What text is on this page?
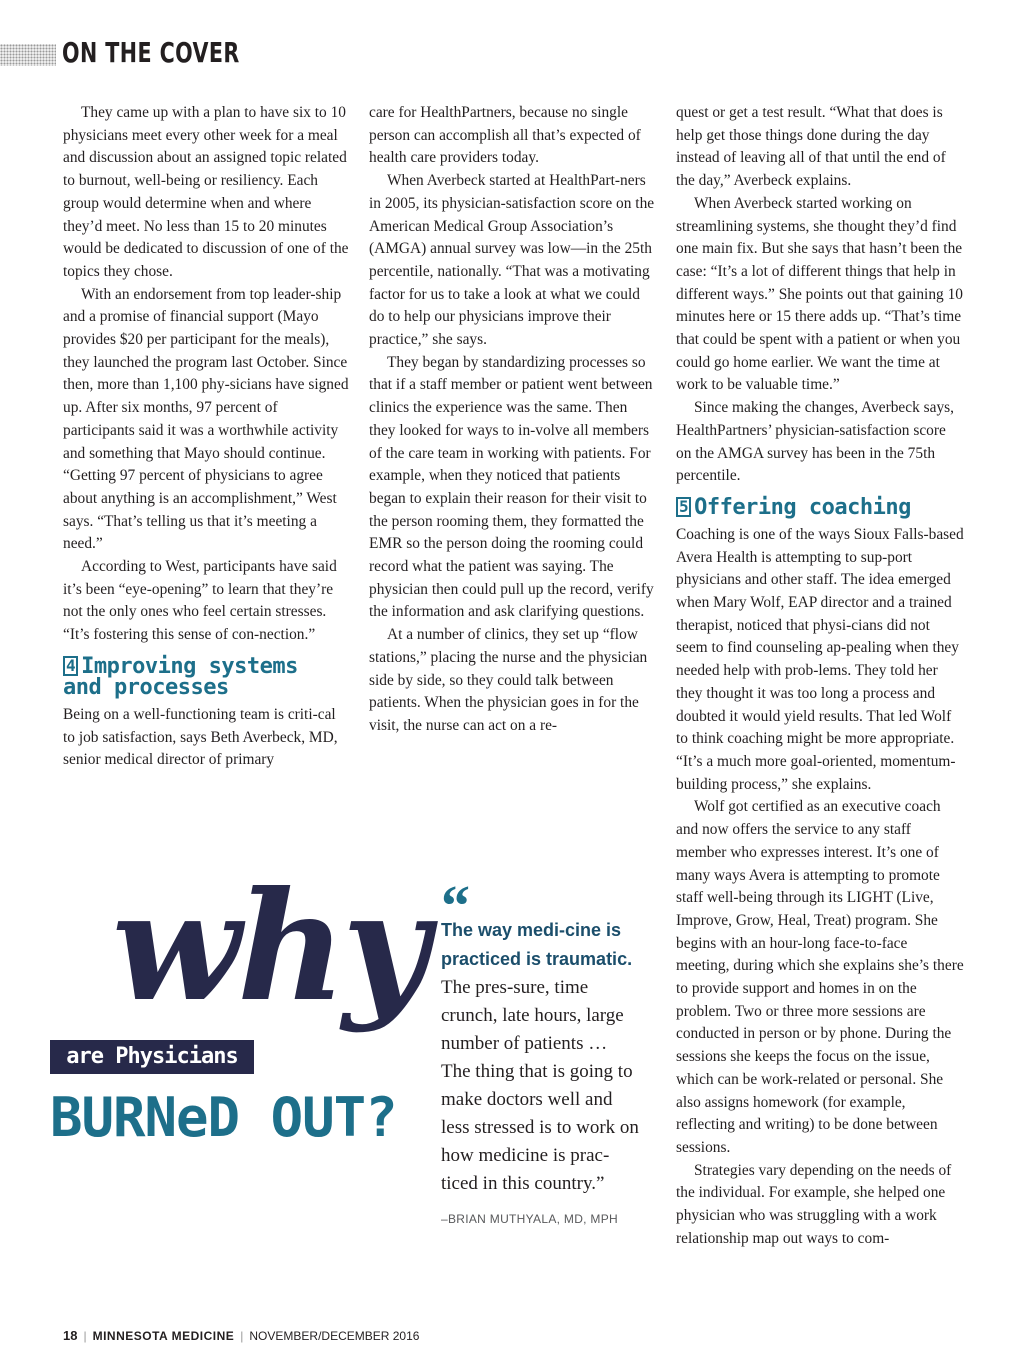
ON THE COVER

They came up with a plan to have six to 10 physicians meet every other week for a meal and discussion about an assigned topic related to burnout, well-being or resiliency. Each group would determine when and where they’d meet. No less than 15 to 20 minutes would be dedicated to discussion of one of the topics they chose.

With an endorsement from top leader-ship and a promise of financial support (Mayo provides $20 per participant for the meals), they launched the program last October. Since then, more than 1,100 phy-sicians have signed up. After six months, 97 percent of participants said it was a worthwhile activity and something that Mayo should continue. “Getting 97 percent of physicians to agree about anything is an accomplishment,” West says. “That’s telling us that it’s meeting a need.”

According to West, participants have said it’s been “eye-opening” to learn that they’re not the only ones who feel certain stresses. “It’s fostering this sense of con-nection.”

4 Improving systems
and processes

Being on a well-functioning team is criti-cal to job satisfaction, says Beth Averbeck, MD, senior medical director of primary

care for HealthPartners, because no single person can accomplish all that’s expected of health care providers today.

When Averbeck started at HealthPart-ners in 2005, its physician-satisfaction score on the American Medical Group Association’s (AMGA) annual survey was low—in the 25th percentile, nationally. “That was a motivating factor for us to take a look at what we could do to help our physicians improve their practice,” she says.

They began by standardizing processes so that if a staff member or patient went between clinics the experience was the same. Then they looked for ways to in-volve all members of the care team in working with patients. For example, when they noticed that patients began to explain their reason for their visit to the person rooming them, they formatted the EMR so the person doing the rooming could record what the patient was saying. The physician then could pull up the record, verify the information and ask clarifying questions.

At a number of clinics, they set up “flow stations,” placing the nurse and the physician side by side, so they could talk between patients. When the physician goes in for the visit, the nurse can act on a re-

quest or get a test result. “What that does is help get those things done during the day instead of leaving all of that until the end of the day,” Averbeck explains.

When Averbeck started working on streamlining systems, she thought they’d find one main fix. But she says that hasn’t been the case: “It’s a lot of different things that help in different ways.” She points out that gaining 10 minutes here or 15 there adds up. “That’s time that could be spent with a patient or when you could go home earlier. We want the time at work to be valuable time.”

Since making the changes, Averbeck says, HealthPartners’ physician-satisfaction score on the AMGA survey has been in the 75th percentile.

5 Offering coaching

Coaching is one of the ways Sioux Falls-based Avera Health is attempting to sup-port physicians and other staff. The idea emerged when Mary Wolf, EAP director and a trained therapist, noticed that physi-cians did not seem to find counseling ap-pealing when they needed help with prob-lems. They told her they thought it was too long a process and doubted it would yield results. That led Wolf to think coaching might be more appropriate. “It’s a much more goal-oriented, momentum-building process,” she explains.

Wolf got certified as an executive coach and now offers the service to any staff member who expresses interest. It’s one of many ways Avera is attempting to promote staff well-being through its LIGHT (Live, Improve, Grow, Heal, Treat) program. She begins with an hour-long face-to-face meeting, during which she explains she’s there to provide support and homes in on the problem. Two or three more sessions are conducted in person or by phone. During the sessions she keeps the focus on the issue, which can be work-related or personal. She also assigns homework (for example, reflecting and writing) to be done between sessions.

Strategies vary depending on the needs of the individual. For example, she helped one physician who was struggling with a work relationship map out ways to com-

why
are Physicians
BURNeD OUT?
“
The way medi-cine is practiced is traumatic. The pres-sure, time crunch, late hours, large number of patients … The thing that is going to make doctors well and less stressed is to work on how medicine is prac-ticed in this country.”
–BRIAN MUTHYALA, MD, MPH
18 | MINNESOTA MEDICINE | NOVEMBER/DECEMBER 2016
